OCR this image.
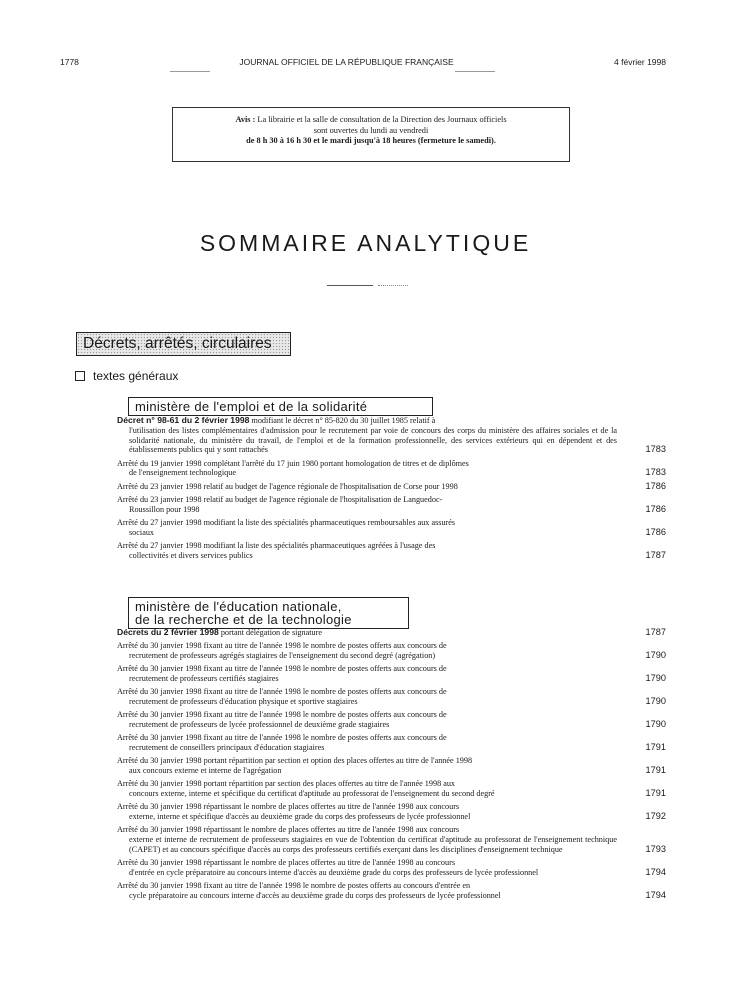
1778	JOURNAL OFFICIEL DE LA RÉPUBLIQUE FRANÇAISE	4 février 1998
Avis : La librairie et la salle de consultation de la Direction des Journaux officiels
sont ouvertes du lundi au vendredi
de 8 h 30 à 16 h 30 et le mardi jusqu'à 18 heures (fermeture le samedi).
SOMMAIRE ANALYTIQUE
Décrets, arrêtés, circulaires
textes généraux
ministère de l'emploi et de la solidarité
Décret n° 98-61 du 2 février 1998 modifiant le décret n° 85-820 du 30 juillet 1985 relatif à
l'utilisation des listes complémentaires d'admission pour le recrutement par voie de concours des corps du ministère des affaires sociales et de la solidarité nationale, du ministère du travail, de l'emploi et de la formation professionnelle, des services extérieurs qui en dépendent et des établissements publics qui y sont rattachés	1783
Arrêté du 19 janvier 1998 complétant l'arrêté du 17 juin 1980 portant homologation de titres et de diplômes
de l'enseignement technologique	1783
Arrêté du 23 janvier 1998 relatif au budget de l'agence régionale de l'hospitalisation de Corse pour 1998	1786
Arrêté du 23 janvier 1998 relatif au budget de l'agence régionale de l'hospitalisation de Languedoc-
Roussillon pour 1998	1786
Arrêté du 27 janvier 1998 modifiant la liste des spécialités pharmaceutiques remboursables aux assurés
sociaux	1786
Arrêté du 27 janvier 1998 modifiant la liste des spécialités pharmaceutiques agréées à l'usage des
collectivités et divers services publics	1787
ministère de l'éducation nationale,
de la recherche et de la technologie
Décrets du 2 février 1998 portant délégation de signature	1787
Arrêté du 30 janvier 1998 fixant au titre de l'année 1998 le nombre de postes offerts aux concours de
recrutement de professeurs agrégés stagiaires de l'enseignement du second degré (agrégation)	1790
Arrêté du 30 janvier 1998 fixant au titre de l'année 1998 le nombre de postes offerts aux concours de
recrutement de professeurs certifiés stagiaires	1790
Arrêté du 30 janvier 1998 fixant au titre de l'année 1998 le nombre de postes offerts aux concours de
recrutement de professeurs d'éducation physique et sportive stagiaires	1790
Arrêté du 30 janvier 1998 fixant au titre de l'année 1998 le nombre de postes offerts aux concours de
recrutement de professeurs de lycée professionnel de deuxième grade stagiaires	1790
Arrêté du 30 janvier 1998 fixant au titre de l'année 1998 le nombre de postes offerts aux concours de
recrutement de conseillers principaux d'éducation stagiaires	1791
Arrêté du 30 janvier 1998 portant répartition par section et option des places offertes au titre de l'année 1998
aux concours externe et interne de l'agrégation	1791
Arrêté du 30 janvier 1998 portant répartition par section des places offertes au titre de l'année 1998 aux
concours externe, interne et spécifique du certificat d'aptitude au professorat de l'enseignement du second degré	1791
Arrêté du 30 janvier 1998 répartissant le nombre de places offertes au titre de l'année 1998 aux concours
externe, interne et spécifique d'accès au deuxième grade du corps des professeurs de lycée professionnel	1792
Arrêté du 30 janvier 1998 répartissant le nombre de places offertes au titre de l'année 1998 aux concours
externe et interne de recrutement de professeurs stagiaires en vue de l'obtention du certificat d'aptitude au professorat de l'enseignement technique (CAPET) et au concours spécifique d'accès au corps des professeurs certifiés exerçant dans les disciplines d'enseignement technique	1793
Arrêté du 30 janvier 1998 répartissant le nombre de places offertes au titre de l'année 1998 au concours
d'entrée en cycle préparatoire au concours interne d'accès au deuxième grade du corps des professeurs de lycée professionnel	1794
Arrêté du 30 janvier 1998 fixant au titre de l'année 1998 le nombre de postes offerts au concours d'entrée en
cycle préparatoire au concours interne d'accès au deuxième grade du corps des professeurs de lycée professionnel	1794
